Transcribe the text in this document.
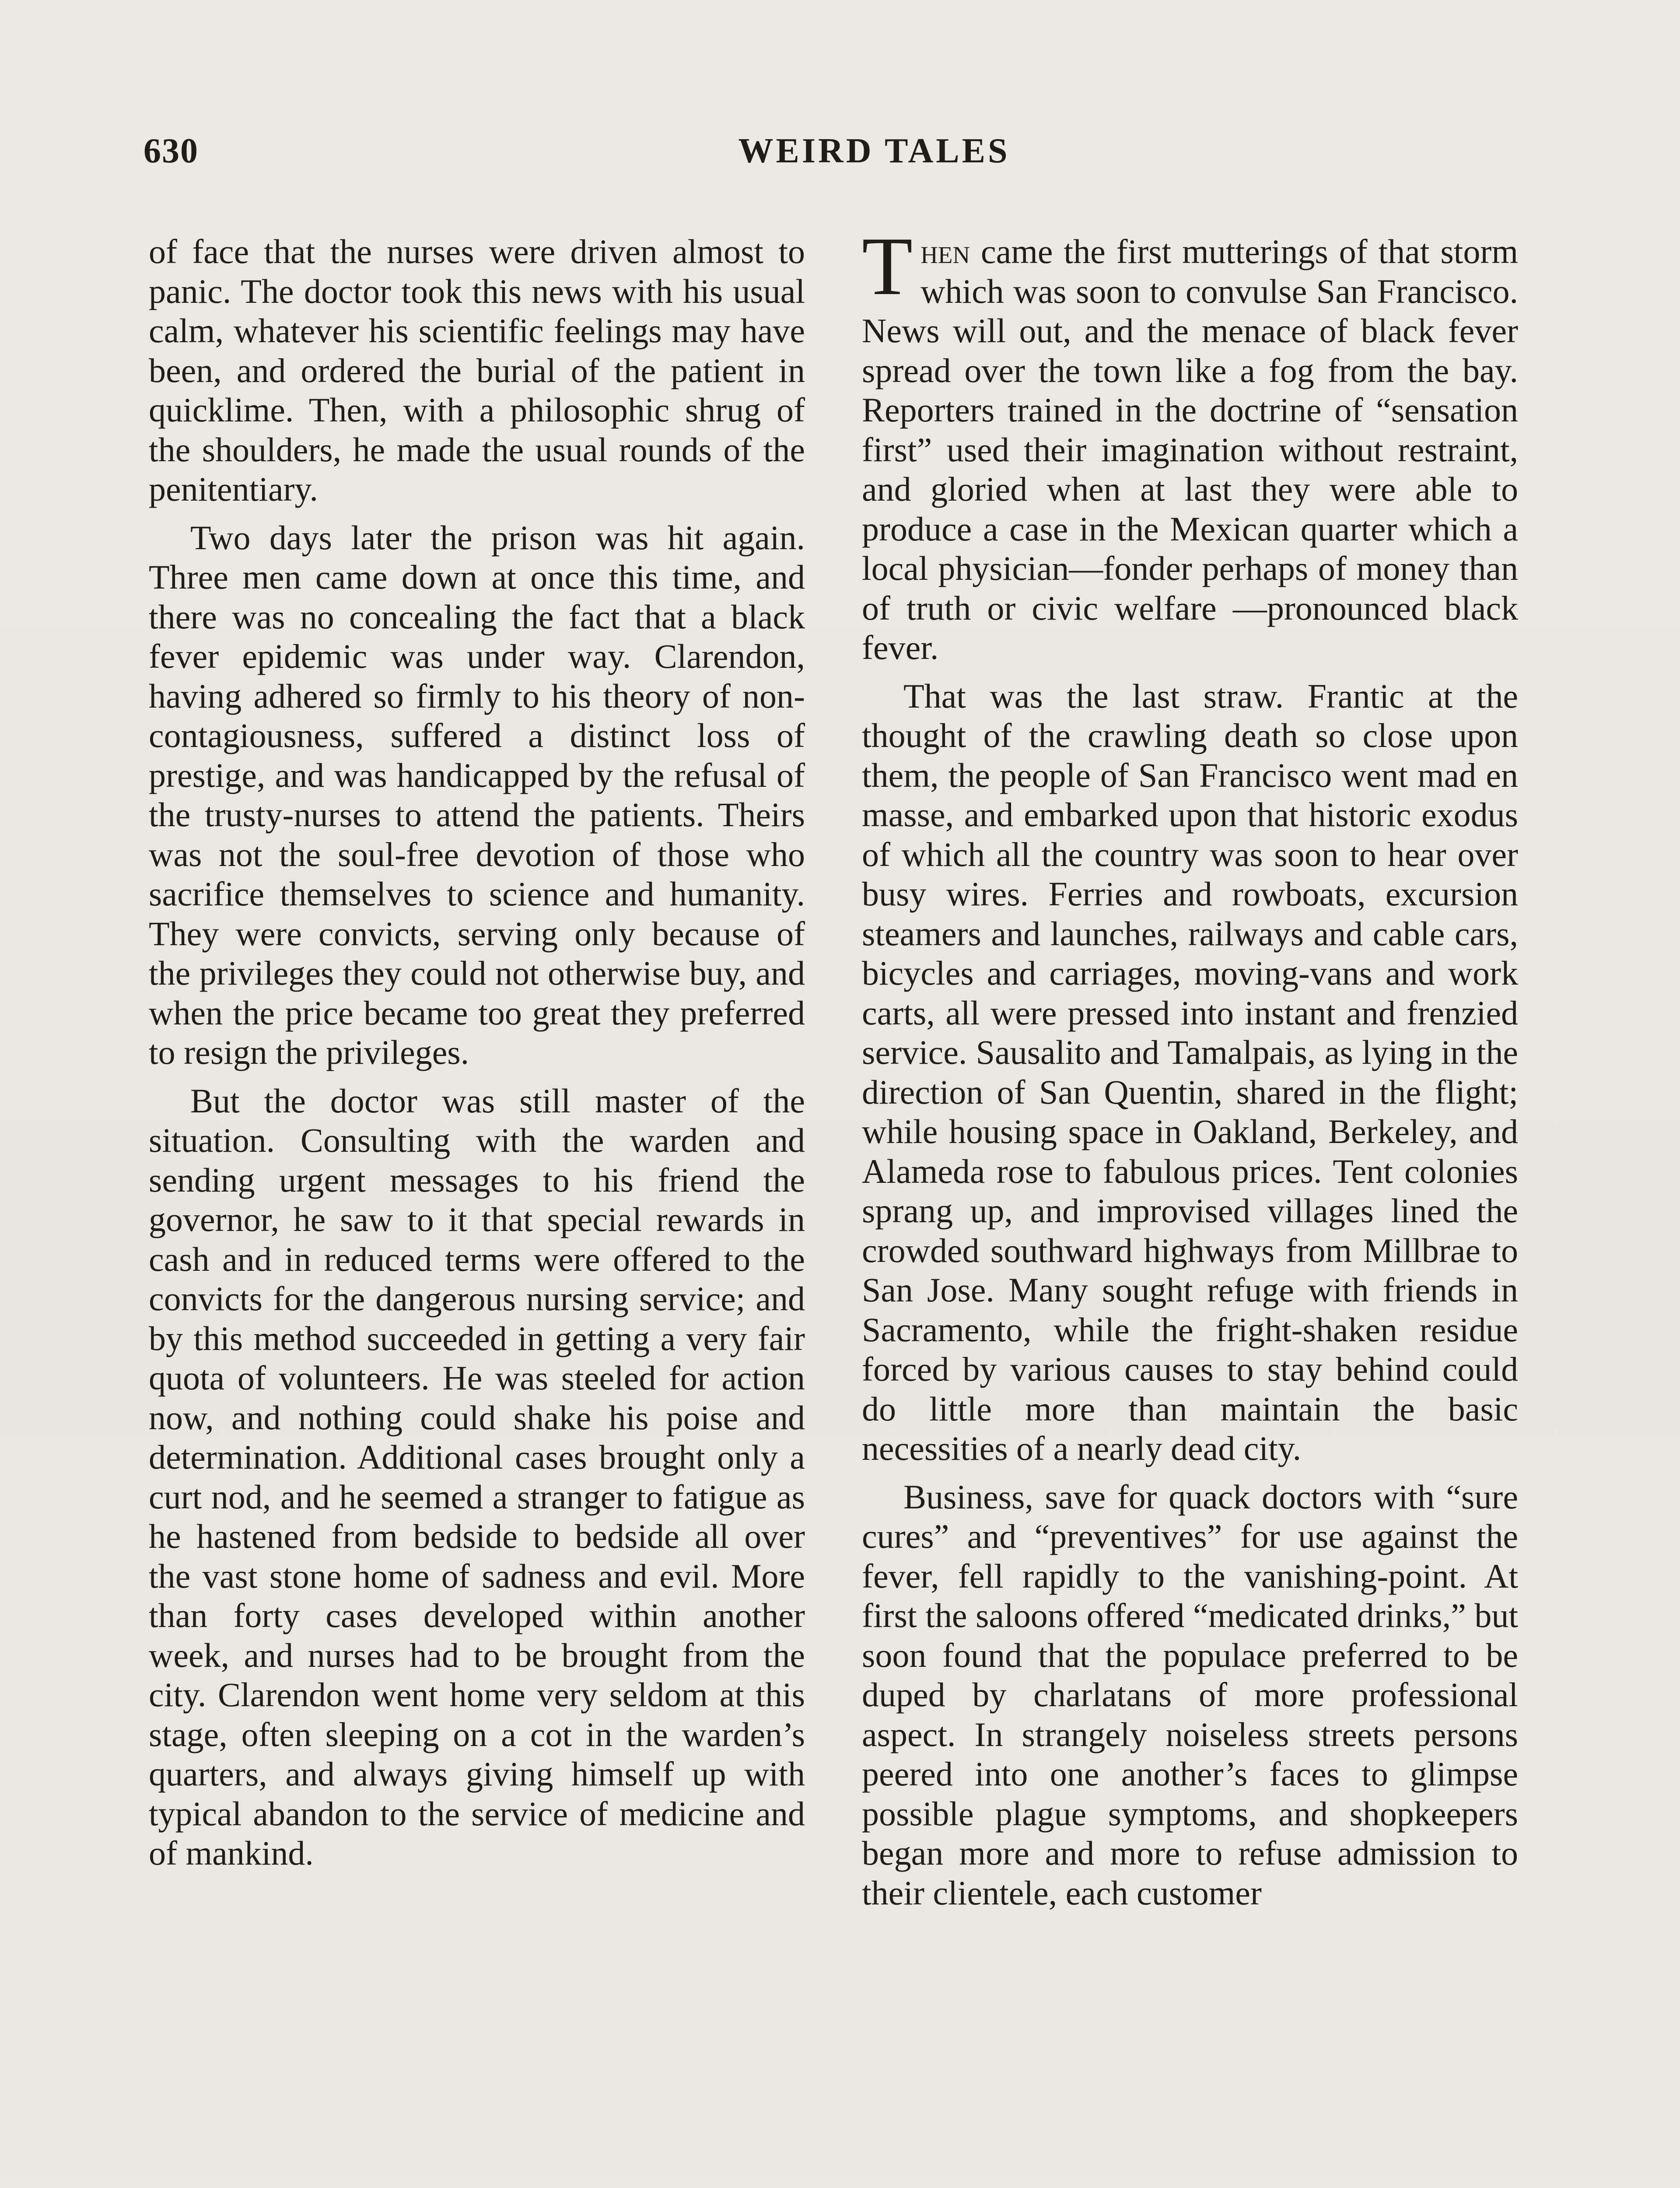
630	WEIRD TALES

of face that the nurses were driven almost to panic. The doctor took this news with his usual calm, whatever his scientific feelings may have been, and ordered the burial of the patient in quicklime. Then, with a philosophic shrug of the shoulders, he made the usual rounds of the penitentiary.

Two days later the prison was hit again. Three men came down at once this time, and there was no concealing the fact that a black fever epidemic was under way. Clarendon, having adhered so firmly to his theory of non-contagiousness, suffered a distinct loss of prestige, and was handicapped by the refusal of the trusty-nurses to attend the patients. Theirs was not the soul-free devotion of those who sacrifice themselves to science and humanity. They were convicts, serving only because of the privileges they could not otherwise buy, and when the price became too great they preferred to resign the privileges.

But the doctor was still master of the situation. Consulting with the warden and sending urgent messages to his friend the governor, he saw to it that special rewards in cash and in reduced terms were offered to the convicts for the dangerous nursing service; and by this method succeeded in getting a very fair quota of volunteers. He was steeled for action now, and nothing could shake his poise and determination. Additional cases brought only a curt nod, and he seemed a stranger to fatigue as he hastened from bedside to bedside all over the vast stone home of sadness and evil. More than forty cases developed within another week, and nurses had to be brought from the city. Clarendon went home very seldom at this stage, often sleeping on a cot in the warden’s quarters, and always giving himself up with typical abandon to the service of medicine and of mankind.

Then came the first mutterings of that storm which was soon to convulse San Francisco. News will out, and the menace of black fever spread over the town like a fog from the bay. Reporters trained in the doctrine of “sensation first” used their imagination without restraint, and gloried when at last they were able to produce a case in the Mexican quarter which a local physician—fonder perhaps of money than of truth or civic welfare —pronounced black fever.

That was the last straw. Frantic at the thought of the crawling death so close upon them, the people of San Francisco went mad en masse, and embarked upon that historic exodus of which all the country was soon to hear over busy wires. Ferries and rowboats, excursion steamers and launches, railways and cable cars, bicycles and carriages, moving-vans and work carts, all were pressed into instant and frenzied service. Sausalito and Tamalpais, as lying in the direction of San Quentin, shared in the flight; while housing space in Oakland, Berkeley, and Alameda rose to fabulous prices. Tent colonies sprang up, and improvised villages lined the crowded southward highways from Millbrae to San Jose. Many sought refuge with friends in Sacramento, while the fright-shaken residue forced by various causes to stay behind could do little more than maintain the basic necessities of a nearly dead city.

Business, save for quack doctors with “sure cures” and “preventives” for use against the fever, fell rapidly to the vanishing-point. At first the saloons offered “medicated drinks,” but soon found that the populace preferred to be duped by charlatans of more professional aspect. In strangely noiseless streets persons peered into one another’s faces to glimpse possible plague symptoms, and shopkeepers began more and more to refuse admission to their clientele, each customer
